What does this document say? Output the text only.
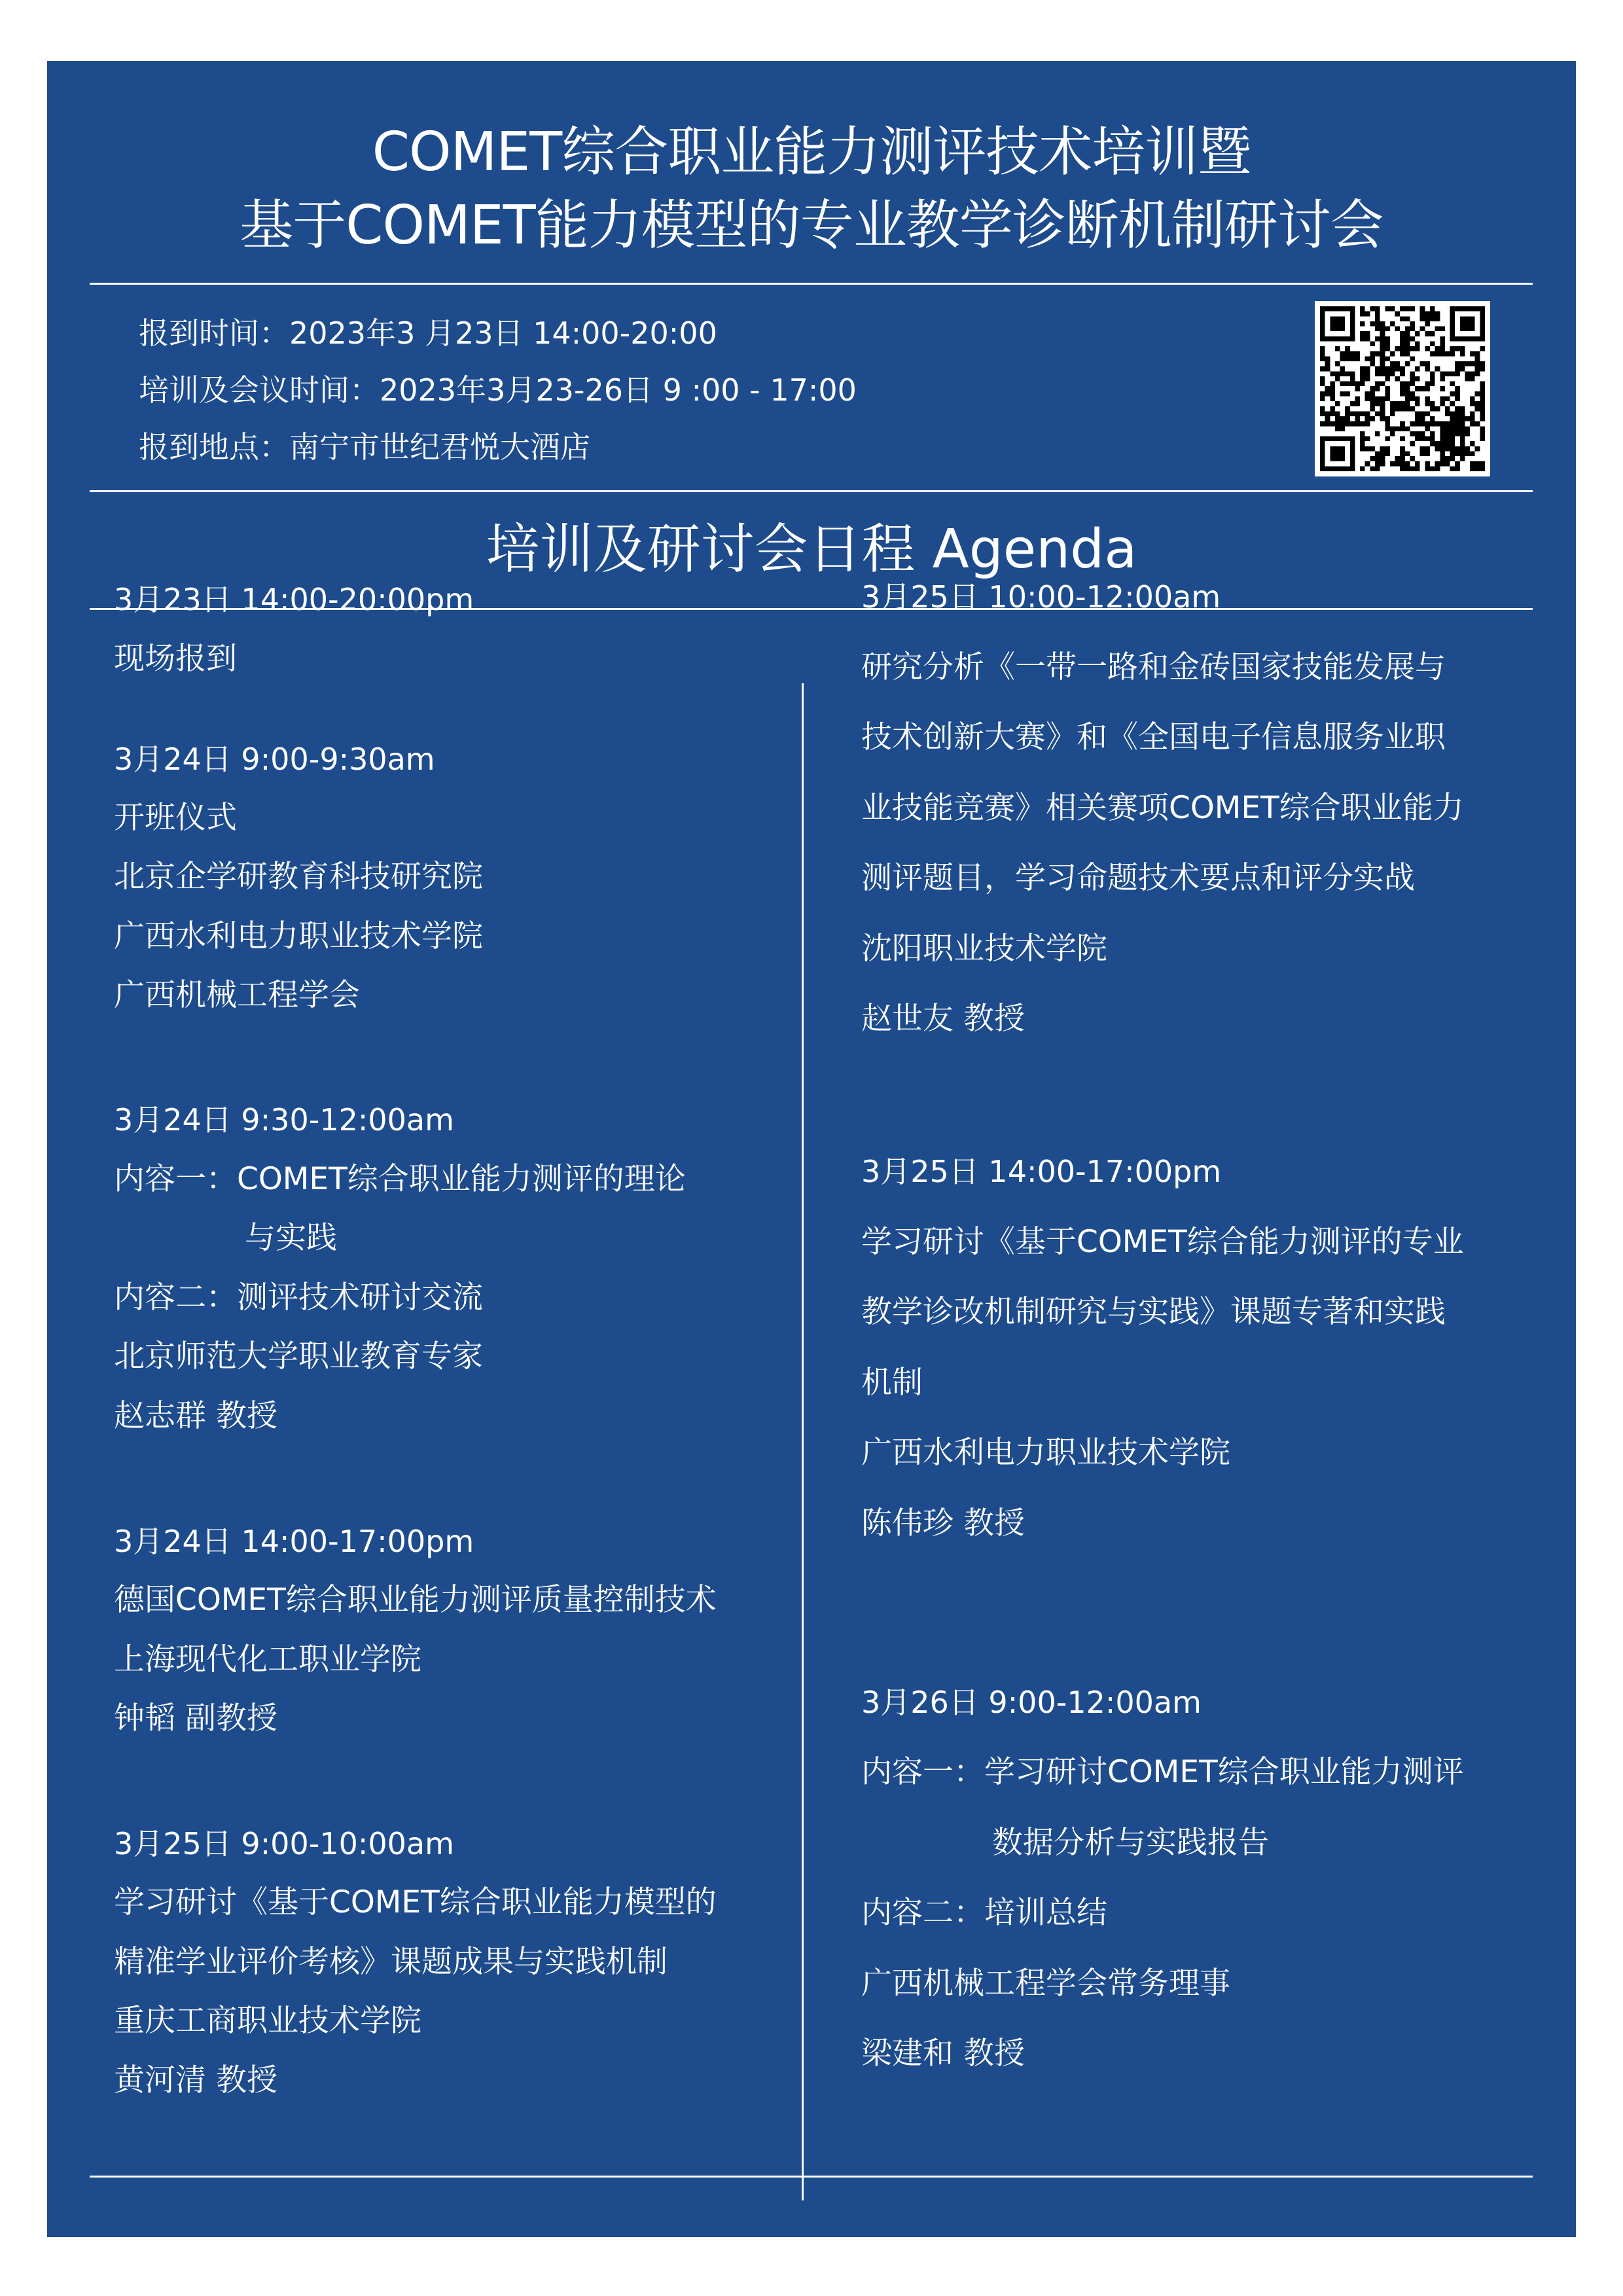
COMET综合职业能力测评技术培训暨
基于COMET能力模型的专业教学诊断机制研讨会
报到时间：2023年3 月23日 14:00-20:00
培训及会议时间：2023年3月23-26日 9 :00 - 17:00
报到地点：南宁市世纪君悦大酒店
培训及研讨会日程 Agenda
3月23日 14:00-20:00pm
现场报到
3月24日 9:00-9:30am
开班仪式
北京企学研教育科技研究院
广西水利电力职业技术学院
广西机械工程学会
3月24日 9:30-12:00am
内容一：COMET综合职业能力测评的理论
与实践
内容二：测评技术研讨交流
北京师范大学职业教育专家
赵志群 教授
3月24日 14:00-17:00pm
德国COMET综合职业能力测评质量控制技术
上海现代化工职业学院
钟韬 副教授
3月25日 9:00-10:00am
学习研讨《基于COMET综合职业能力模型的
精准学业评价考核》课题成果与实践机制
重庆工商职业技术学院
黄河清 教授
3月25日 10:00-12:00am
研究分析《一带一路和金砖国家技能发展与
技术创新大赛》和《全国电子信息服务业职
业技能竞赛》相关赛项COMET综合职业能力
测评题目，学习命题技术要点和评分实战
沈阳职业技术学院
赵世友 教授
3月25日 14:00-17:00pm
学习研讨《基于COMET综合能力测评的专业
教学诊改机制研究与实践》课题专著和实践
机制
广西水利电力职业技术学院
陈伟珍 教授
3月26日 9:00-12:00am
内容一：学习研讨COMET综合职业能力测评
数据分析与实践报告
内容二：培训总结
广西机械工程学会常务理事
梁建和 教授
